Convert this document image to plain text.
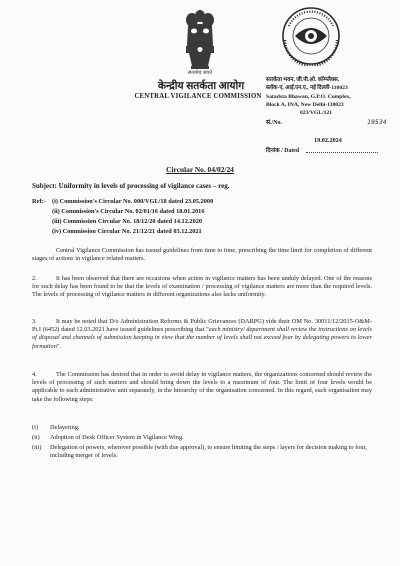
सत्यमेव जयते
केन्द्रीय सतर्कता आयोग
CENTRAL VIGILANCE COMMISSION
सतर्कता भवन, जी.पी.ओ. कॉम्प्लैक्स,
ब्लॉक-ए, आई.एन.ए., नई दिल्ली-110023
Satarkta Bhawan, G.P.O. Complex,
Block A, INA, New Delhi-110023
023/VGL/121
सं./No.	19534
19.02.2024
दिनांक / Dated
Circular No. 04/02/24
Subject: Uniformity in levels of processing of vigilance cases – reg.
Ref:- (i) Commission's Circular No. 000/VGL/18 dated 23.05.2000
(ii) Commission's Circular No. 02/01/16 dated 18.01.2016
(iii) Commission Circular No. 18/12/20 dated 14.12.2020
(iv) Commission Circular No. 21/12/21 dated 03.12.2021
Central Vigilance Commission has issued guidelines from time to time, prescribing the time limit for completion of different stages of actions in vigilance related matters.
2.	It has been observed that there are occasions when action in vigilance matters has been unduly delayed. One of the reasons for such delay has been found to be that the levels of examination / processing of vigilance matters are more than the required levels. The levels of processing of vigilance matters in different organizations also lacks uniformity.
3.	It may be noted that D/o Administration Reforms & Public Grievances (DARPG) vide their OM No. 30011/12/2015-O&M-Pt.I (6452) dated 12.03.2021 have issued guidelines prescribing that "each ministry/ department shall review the instructions on levels of disposal and channels of submission keeping in view that the number of levels shall not exceed four by delegating powers to lower formation".
4.	The Commission has desired that in order to avoid delay in vigilance matters, the organizations concerned should review the levels of processing of such matters and should bring down the levels to a maximum of four. The limit of four levels would be applicable to each administrative unit separately, in the hierarchy of the organisation concerned. In this regard, each organisation may take the following steps:
(i) Delayering.
(ii) Adoption of Desk Officer System in Vigilance Wing.
(iii)	Delegation of powers, wherever possible (with due approval), to ensure limiting the steps / layers for decision making to four, including merger of levels.
